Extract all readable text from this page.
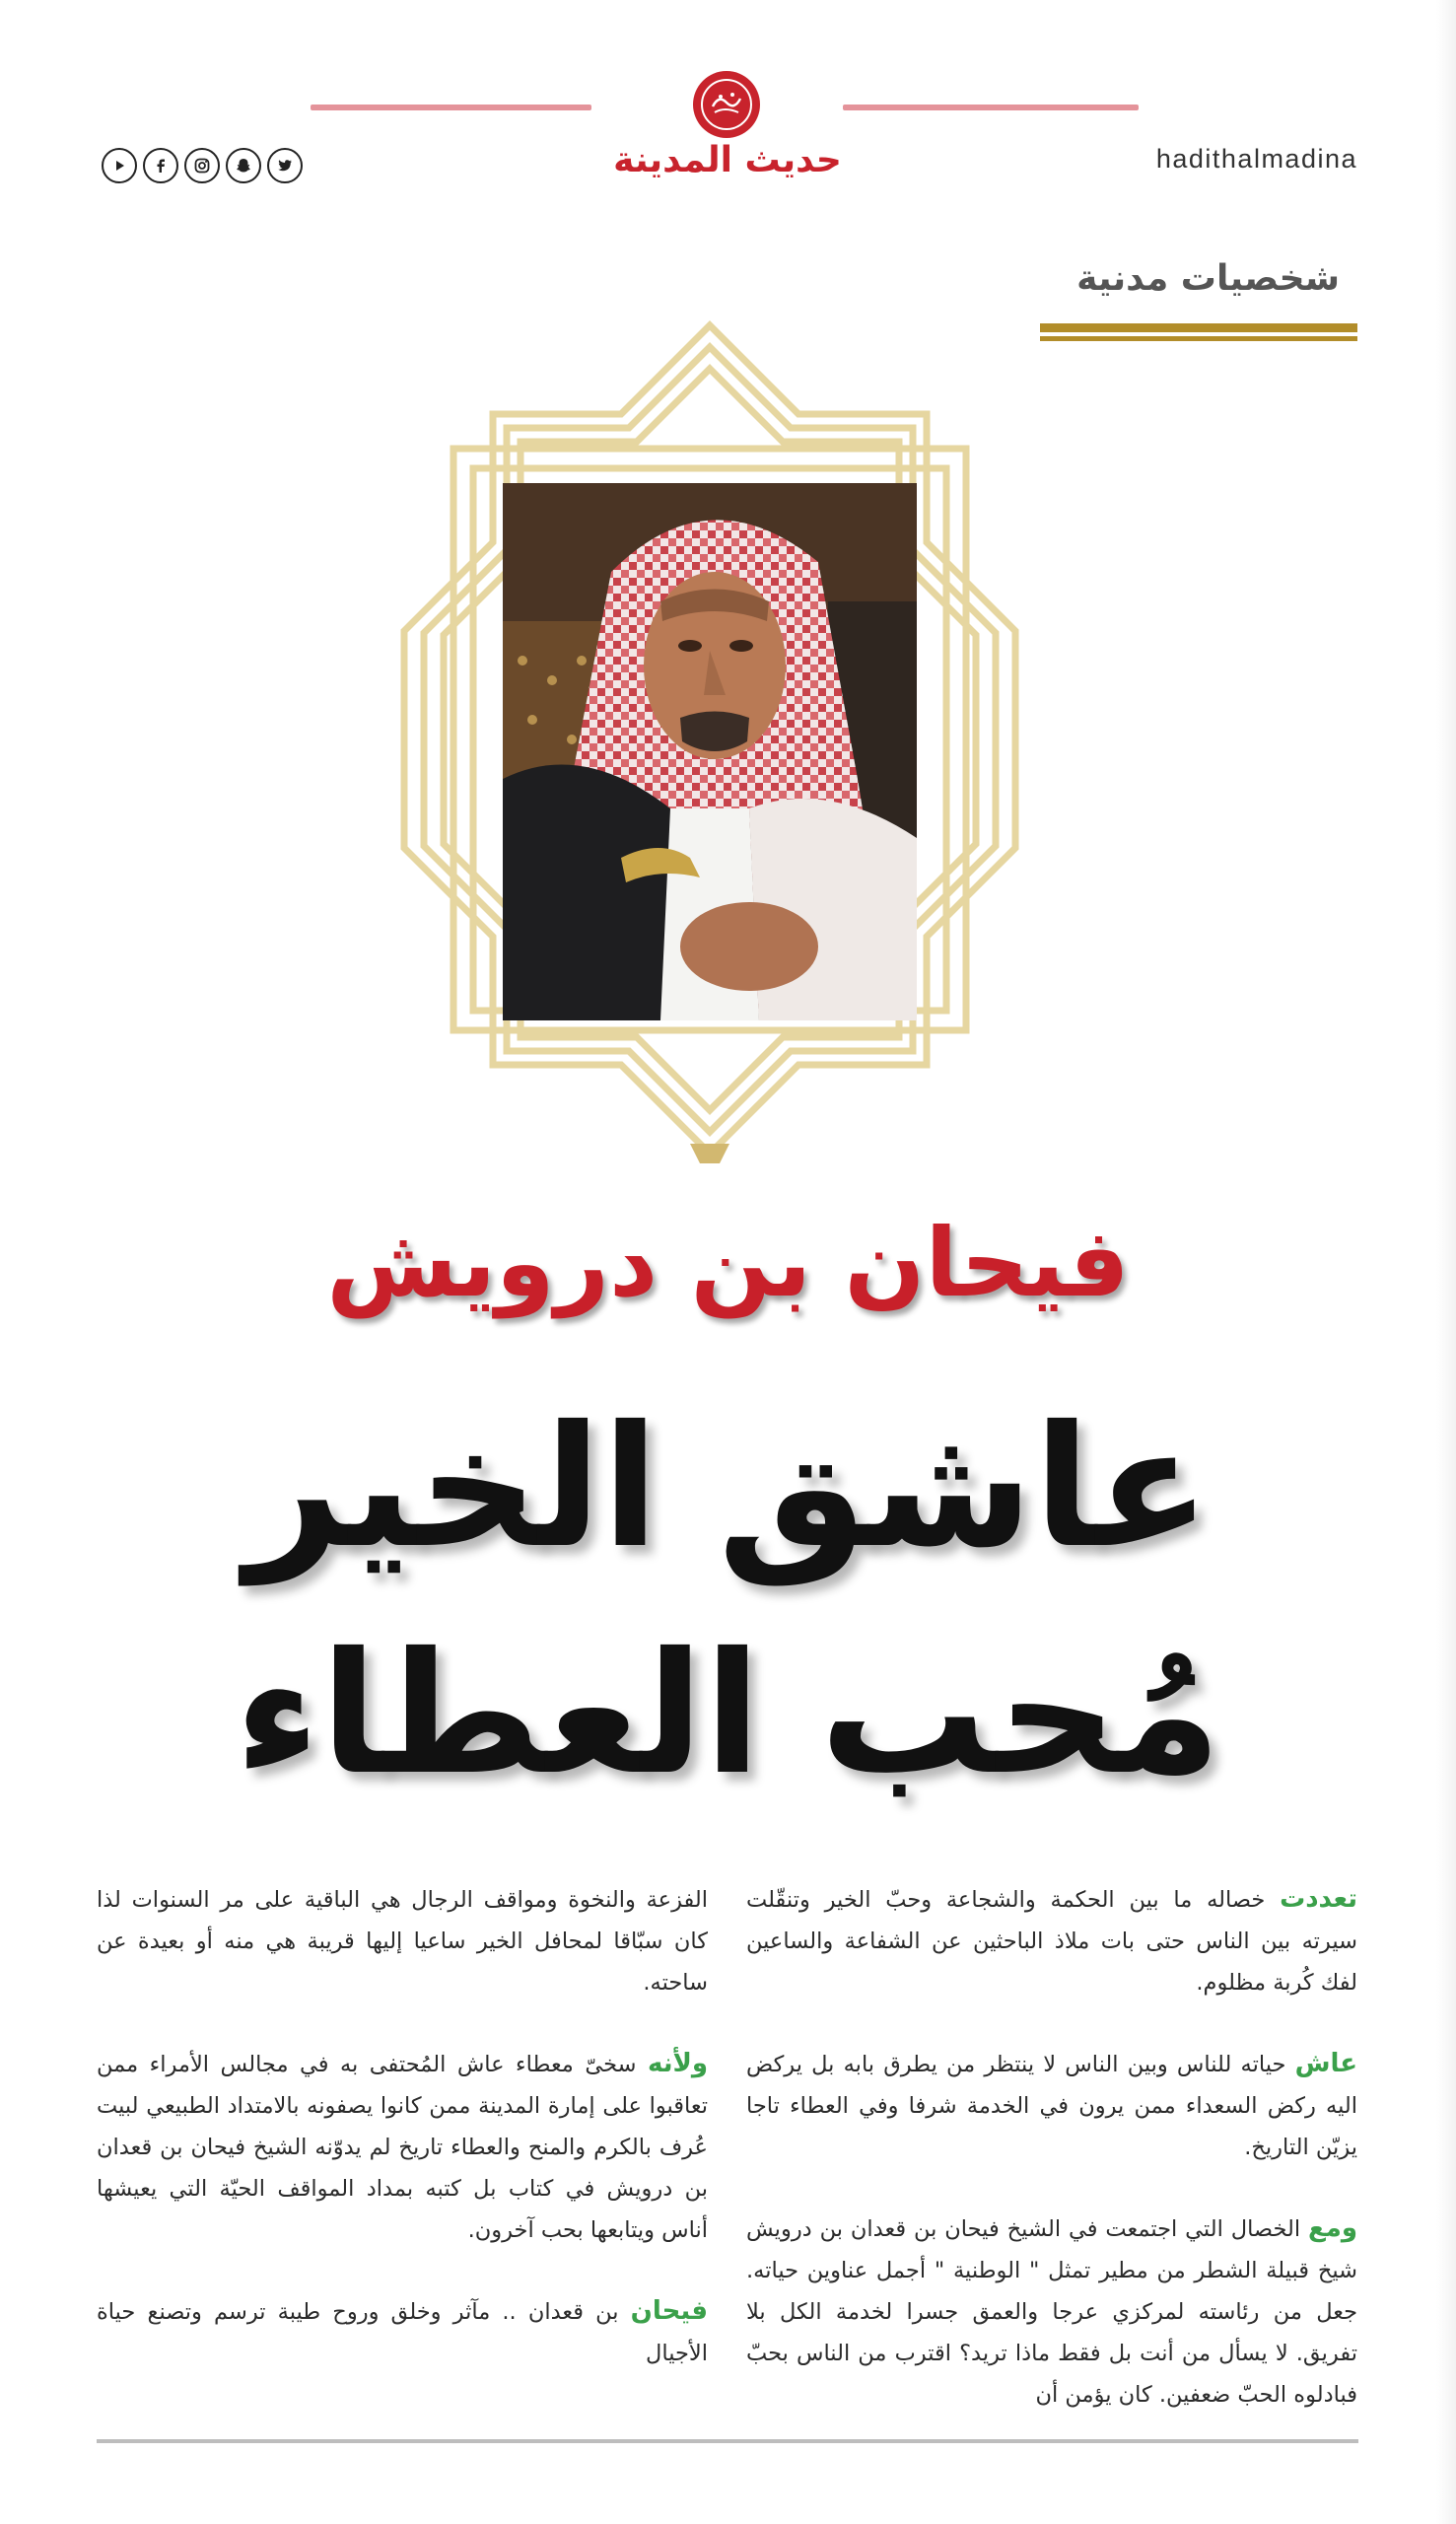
حديث المدينة	hadithalmadina
شخصيات مدنية
فيحان بن درويش
عاشق الخير
مُحب العطاء

تعددت خصاله ما بين الحكمة والشجاعة وحبّ الخير وتنقّلت سيرته بين الناس حتى بات ملاذ الباحثين عن الشفاعة والساعين لفك كُربة مظلوم.

عاش حياته للناس وبين الناس لا ينتظر من يطرق بابه بل يركض اليه ركض السعداء ممن يرون في الخدمة شرفا وفي العطاء تاجا يزيّن التاريخ.

ومع الخصال التي اجتمعت في الشيخ فيحان بن قعدان بن درويش شيخ قبيلة الشطر من مطير تمثل " الوطنية " أجمل عناوين حياته. جعل من رئاسته لمركزي عرجا والعمق جسرا لخدمة الكل بلا تفريق. لا يسأل من أنت بل فقط ماذا تريد؟ اقترب من الناس بحبّ فبادلوه الحبّ ضعفين. كان يؤمن أن

الفزعة والنخوة ومواقف الرجال هي الباقية على مر السنوات لذا كان سبّاقا لمحافل الخير ساعيا إليها قريبة هي منه أو بعيدة عن ساحته.

ولأنه سخىّ معطاء عاش المُحتفى به في مجالس الأمراء ممن تعاقبوا على إمارة المدينة ممن كانوا يصفونه بالامتداد الطبيعي لبيت عُرف بالكرم والمنح والعطاء تاريخ لم يدوّنه الشيخ فيحان بن قعدان بن درويش في كتاب بل كتبه بمداد المواقف الحيّة التي يعيشها أناس ويتابعها بحب آخرون.

فيحان بن قعدان .. مآثر وخلق وروح طيبة ترسم وتصنع حياة الأجيال
